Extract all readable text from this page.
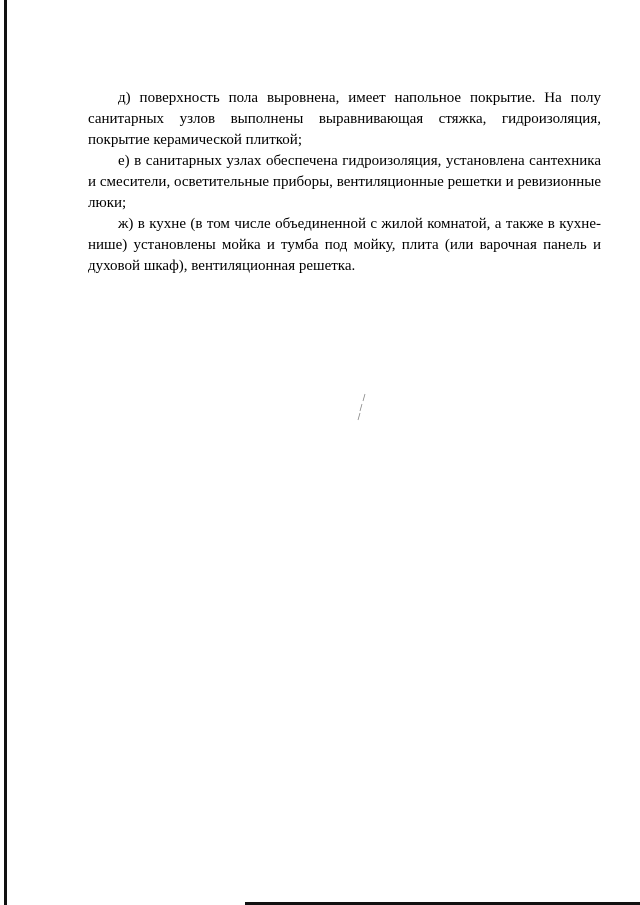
д) поверхность пола выровнена, имеет напольное покрытие. На полу санитарных узлов выполнены выравнивающая стяжка, гидроизоляция, покрытие керамической плиткой;

е) в санитарных узлах обеспечена гидроизоляция, установлена сантехника и смесители, осветительные приборы, вентиляционные решетки и ревизионные люки;

ж) в кухне (в том числе объединенной с жилой комнатой, а также в кухне-нише) установлены мойка и тумба под мойку, плита (или варочная панель и духовой шкаф), вентиляционная решетка.
